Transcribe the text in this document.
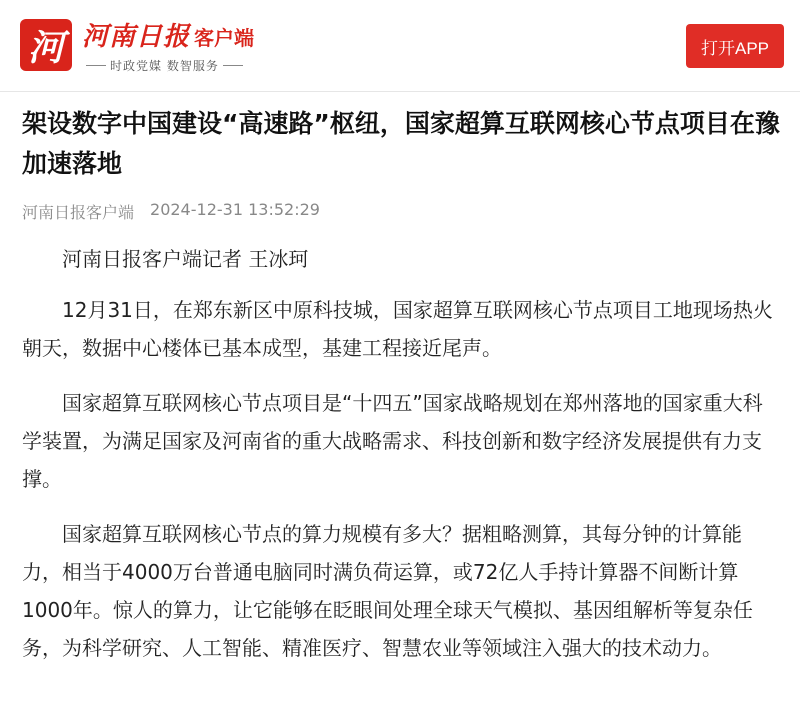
河 河南日报 客户端
时政党媒 数智服务
打开APP
架设数字中国建设“高速路”枢纽，国家超算互联网核心节点项目在豫加速落地
河南日报客户端 2024-12-31 13:52:29

河南日报客户端记者 王冰珂

12月31日，在郑东新区中原科技城，国家超算互联网核心节点项目工地现场热火朝天，数据中心楼体已基本成型，基建工程接近尾声。

国家超算互联网核心节点项目是“十四五”国家战略规划在郑州落地的国家重大科学装置，为满足国家及河南省的重大战略需求、科技创新和数字经济发展提供有力支撑。

国家超算互联网核心节点的算力规模有多大？据粗略测算，其每分钟的计算能力，相当于4000万台普通电脑同时满负荷运算，或72亿人手持计算器不间断计算1000年。惊人的算力，让它能够在眨眼间处理全球天气模拟、基因组解析等复杂任务，为科学研究、人工智能、精准医疗、智慧农业等领域注入强大的技术动力。
